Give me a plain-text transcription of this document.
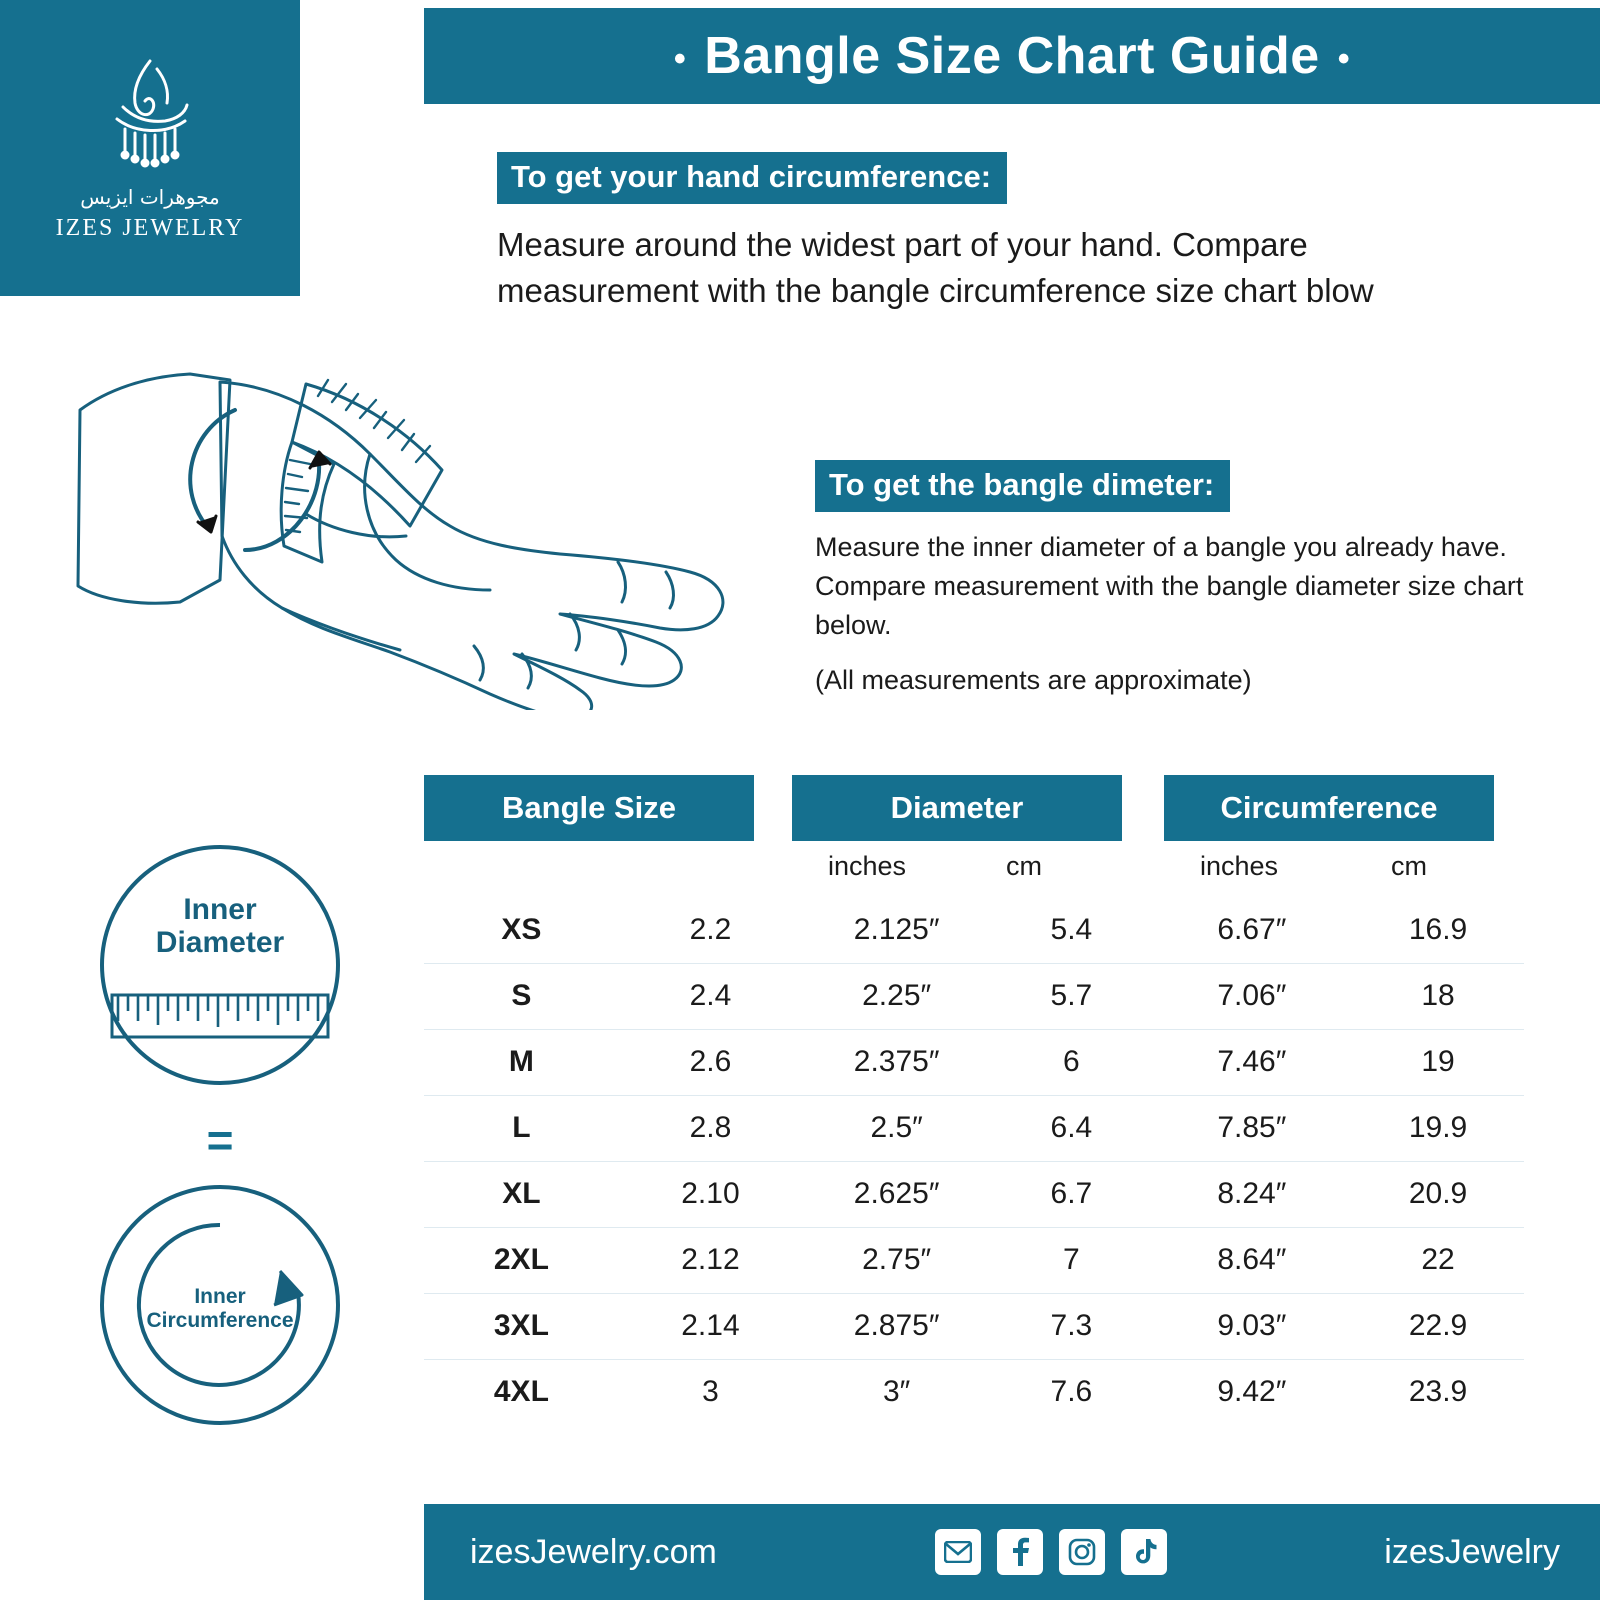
مجوهرات ايزيس
IZES JEWELRY
• Bangle Size Chart Guide •
To get your hand circumference:
Measure around the widest part of your hand. Compare measurement with the bangle circumference size chart blow
To get the bangle dimeter:
Measure the inner diameter of a bangle you already have. Compare measurement with the bangle diameter size chart below.
(All measurements are approximate)
Inner
Diameter
=
Inner
Circumference
Bangle Size	Diameter	Circumference
inches	cm	inches	cm
XS	2.2	2.125″	5.4	6.67″	16.9
S	2.4	2.25″	5.7	7.06″	18
M	2.6	2.375″	6	7.46″	19
L	2.8	2.5″	6.4	7.85″	19.9
XL	2.10	2.625″	6.7	8.24″	20.9
2XL	2.12	2.75″	7	8.64″	22
3XL	2.14	2.875″	7.3	9.03″	22.9
4XL	3	3″	7.6	9.42″	23.9
izesJewelry.com	izesJewelry
